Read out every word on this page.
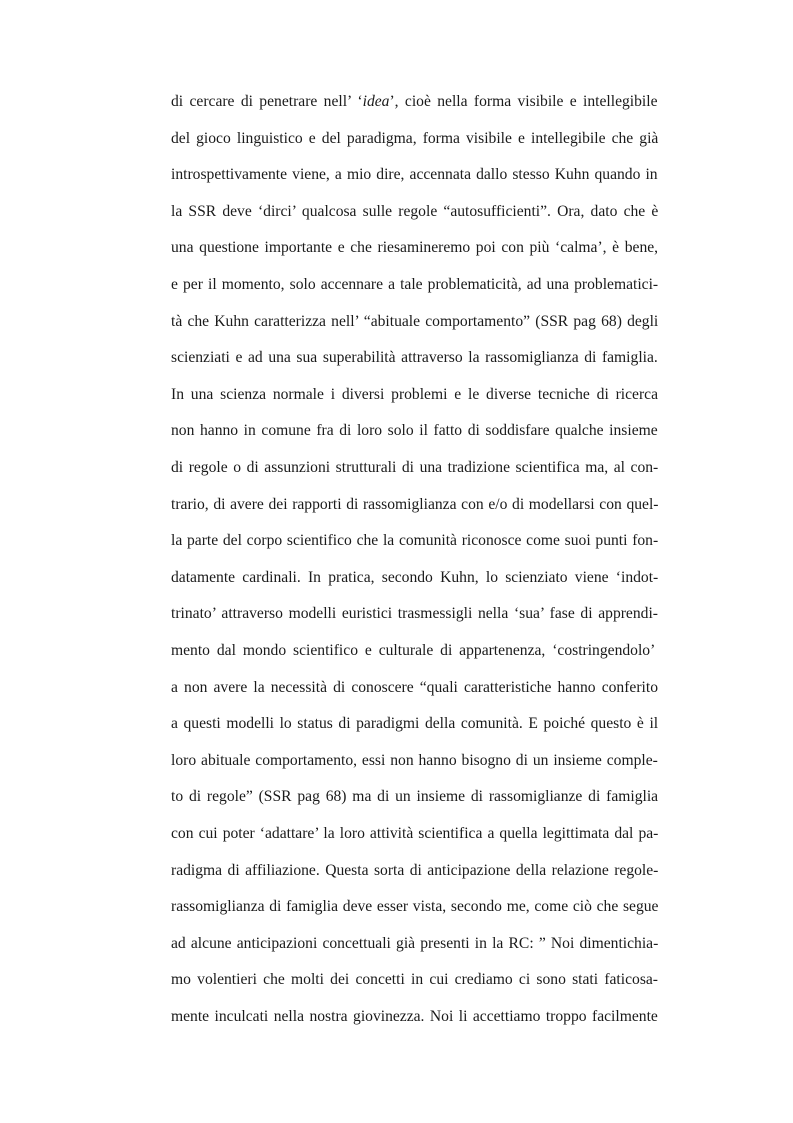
di cercare di penetrare nell’ ‘idea’, cioè nella forma visibile e intellegibile
del gioco linguistico e del paradigma, forma visibile e intellegibile che già
introspettivamente viene, a mio dire, accennata dallo stesso Kuhn quando in
la SSR deve ‘dirci’ qualcosa sulle regole “autosufficienti”. Ora, dato che è
una questione importante e che riesamineremo poi con più ‘calma’, è bene,
e per il momento, solo accennare a tale problematicità, ad una problematici-
tà che Kuhn caratterizza nell’ “abituale comportamento” (SSR pag 68) degli
scienziati e ad una sua superabilità attraverso la rassomiglianza di famiglia.
In una scienza normale i diversi problemi e le diverse tecniche di ricerca
non hanno in comune fra di loro solo il fatto di soddisfare qualche insieme
di regole o di assunzioni strutturali di una tradizione scientifica ma, al con-
trario, di avere dei rapporti di rassomiglianza con e/o di modellarsi con quel-
la parte del corpo scientifico che la comunità riconosce come suoi punti fon-
datamente cardinali. In pratica, secondo Kuhn, lo scienziato viene ‘indot-
trinato’ attraverso modelli euristici trasmessigli nella ‘sua’ fase di apprendi-
mento dal mondo scientifico e culturale di appartenenza, ‘costringendolo’
a non avere la necessità di conoscere “quali caratteristiche hanno conferito
a questi modelli lo status di paradigmi della comunità. E poiché questo è il
loro abituale comportamento, essi non hanno bisogno di un insieme comple-
to di regole” (SSR pag 68) ma di un insieme di rassomiglianze di famiglia
con cui poter ‘adattare’ la loro attività scientifica a quella legittimata dal pa-
radigma di affiliazione. Questa sorta di anticipazione della relazione regole-
rassomiglianza di famiglia deve esser vista, secondo me, come ciò che segue
ad alcune anticipazioni concettuali già presenti in la RC: ” Noi dimentichia-
mo volentieri che molti dei concetti in cui crediamo ci sono stati faticosa-
mente inculcati nella nostra giovinezza. Noi li accettiamo troppo facilmente
